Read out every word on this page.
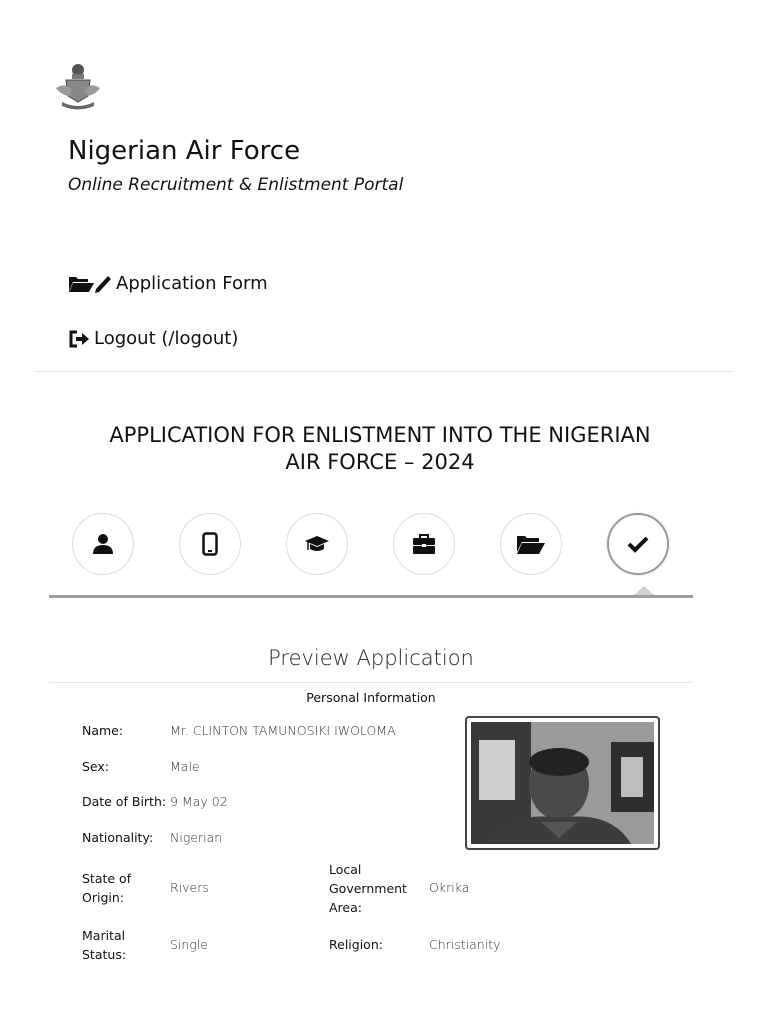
Nigerian Air Force
Online Recruitment & Enlistment Portal
Application Form
Logout (/logout)
APPLICATION FOR ENLISTMENT INTO THE NIGERIAN
AIR FORCE – 2024
Preview Application
Personal Information
Name:	Mr. CLINTON TAMUNOSIKI IWOLOMA
Sex:	Male
Date of Birth: 9 May 02
Nationality: Nigerian
State of
Origin:
Rivers
Local
Government
Area:
Okrika
Marital
Status:
Single	Religion:	Christianity
